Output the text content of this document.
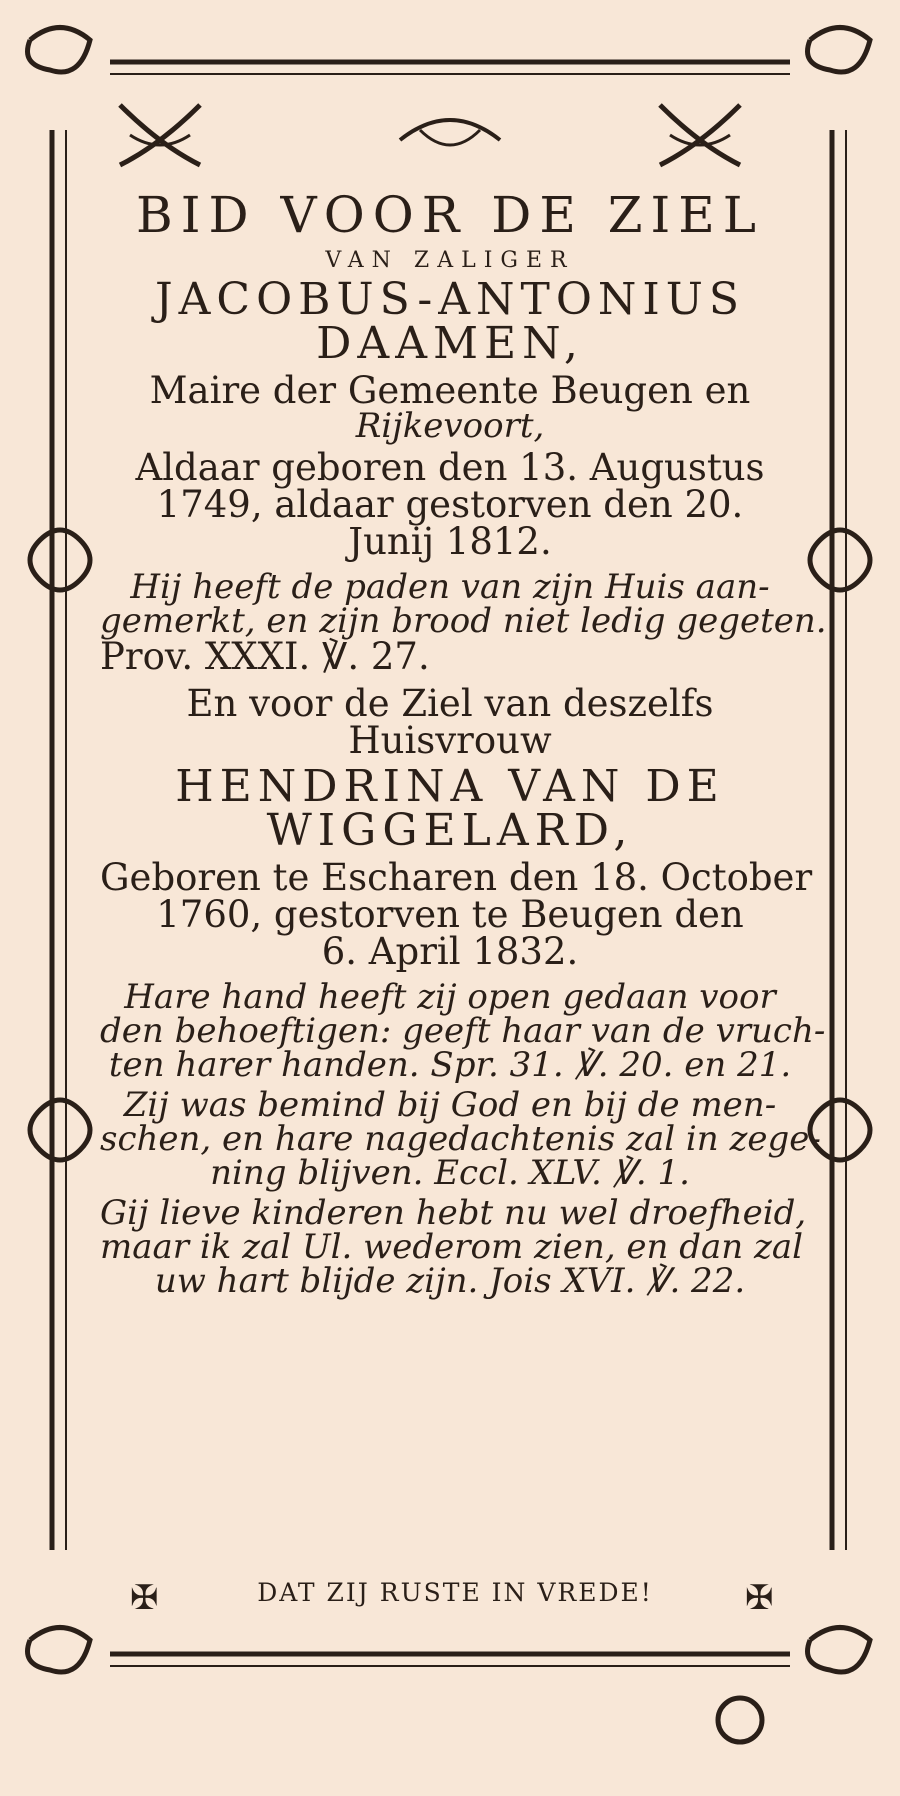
BID VOOR DE ZIEL
VAN ZALIGER
JACOBUS-ANTONIUS
DAAMEN,
Maire der Gemeente Beugen en
Rijkevoort,
Aldaar geboren den 13. Augustus
1749, aldaar gestorven den 20.
Junij 1812.
Hij heeft de paden van zijn Huis aan-
gemerkt, en zijn brood niet ledig gegeten.
Prov. XXXI. ℣. 27.
En voor de Ziel van deszelfs
Huisvrouw
HENDRINA VAN DE
WIGGELARD,
Geboren te Escharen den 18. October
1760, gestorven te Beugen den
6. April 1832.
Hare hand heeft zij open gedaan voor
den behoeftigen: geeft haar van de vruch-
ten harer handen. Spr. 31. ℣. 20. en 21.
Zij was bemind bij God en bij de men-
schen, en hare nagedachtenis zal in zege-
ning blijven. Eccl. XLV. ℣. 1.
Gij lieve kinderen hebt nu wel droefheid,
maar ik zal Ul. wederom zien, en dan zal
uw hart blijde zijn. Jois XVI. ℣. 22.
✠	DAT ZIJ RUSTE IN VREDE!	✠
